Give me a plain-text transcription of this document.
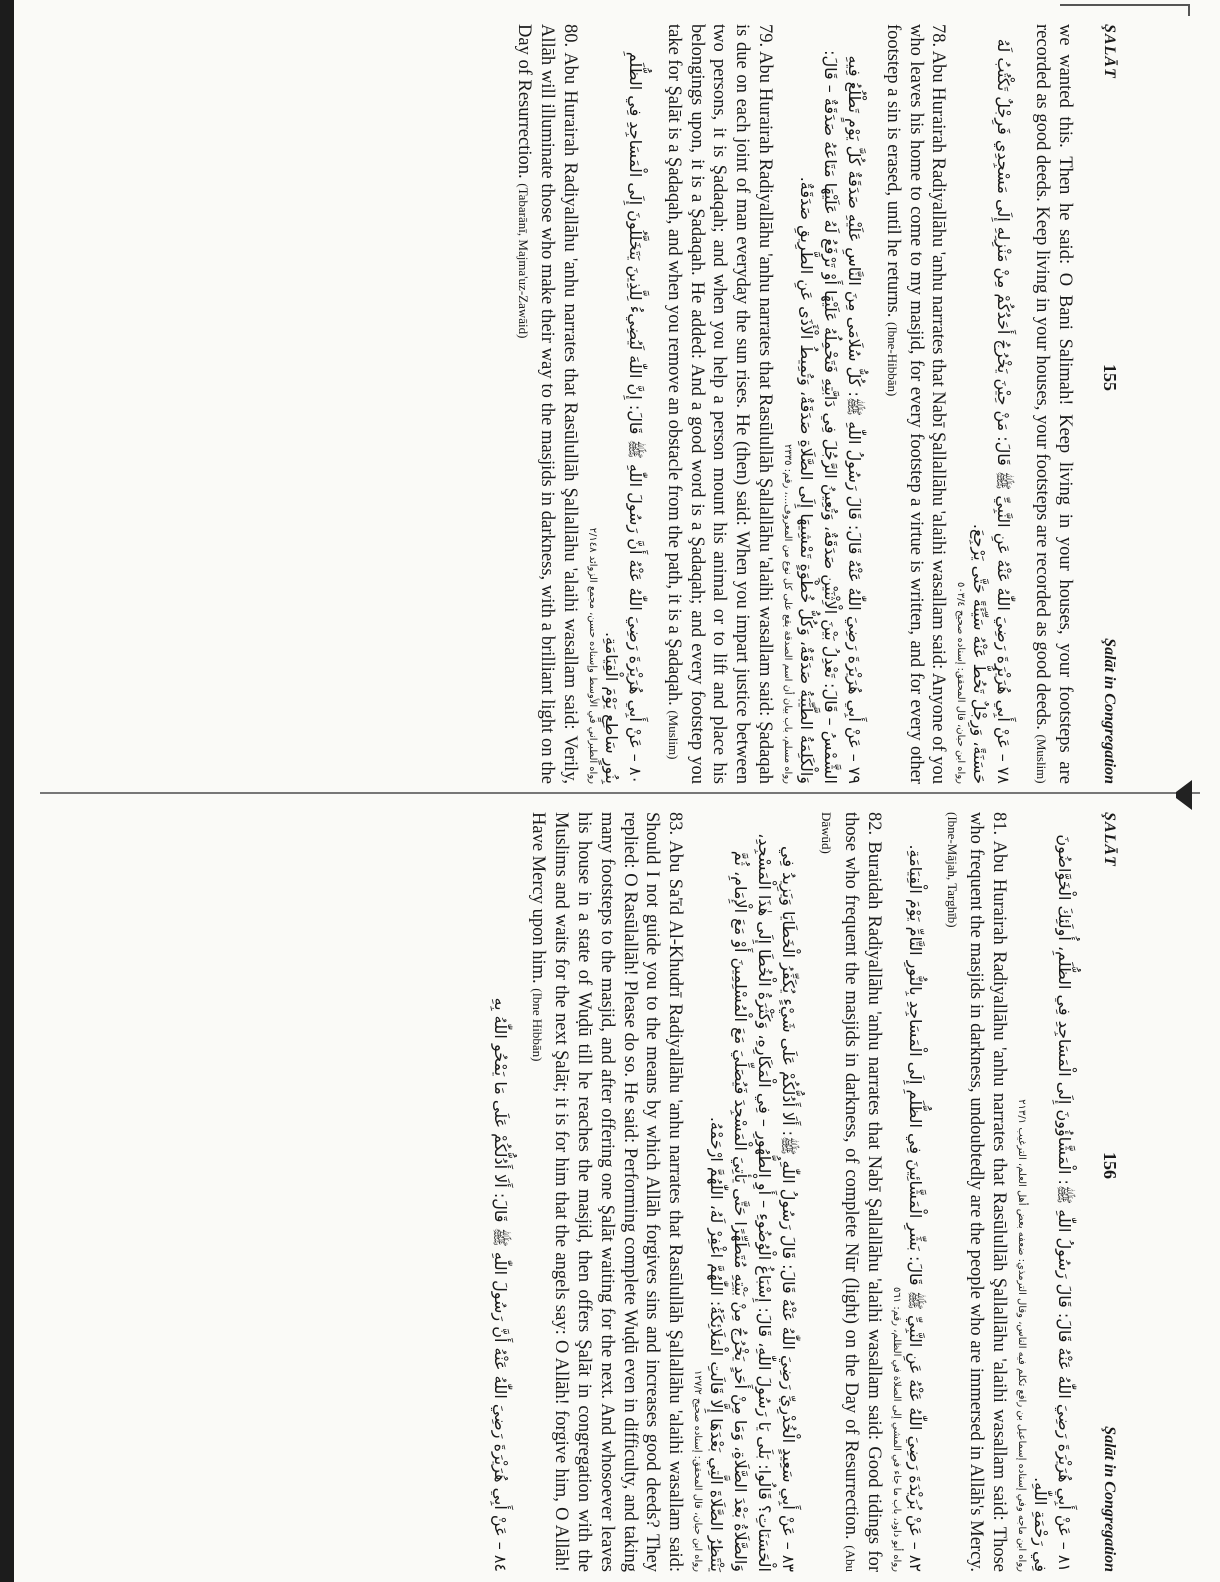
ŞALĀT
155
Şalāt in Congregation

we wanted this. Then he said: O Bani Salimah! Keep living in your houses, your footsteps are recorded as good deeds. Keep living in your houses, your footsteps are recorded as good deeds. (Muslim)

٧٨ – عَنْ أَبِي هُرَيْرَةَ رَضِيَ اللّٰهُ عَنْهُ عَنِ النَّبِيِّ ﷺ قَالَ: مَنْ حِيْنَ يَخْرُجُ أَحَدُكُمْ مِنْ مَنْزِلِهِ إِلَى مَسْجِدِي فَرِجْلٌ تَكْتُبُ لَهُ حَسَنَةً، وَرِجْلٌ تَحُطُّ عَنْهُ سَيِّئَةً حَتَّى يَرْجِعَ.

رواه ابن حبان، قال المحقق: إسناده صحيح ٥٠٣/٤

78. Abu Hurairah Radiyallāhu 'anhu narrates that Nabī Şallallāhu 'alaihi wasallam said: Anyone of you who leaves his home to come to my masjid, for every footstep a virtue is written, and for every other footstep a sin is erased, until he returns. (Ibne-Hibbān)

٧٩ – عَنْ أَبِي هُرَيْرَةَ رَضِيَ اللّٰهُ عَنْهُ قَالَ: قَالَ رَسُولُ اللّٰهِ ﷺ: كُلُّ سُلَامَى مِنَ النَّاسِ عَلَيْهِ صَدَقَةٌ كُلَّ يَوْمٍ تَطْلُعُ فِيهِ الشَّمْسُ – قَالَ: تَعْدِلُ بَيْنَ الْاِثْنَيْنِ صَدَقَةٌ، وَتُعِينُ الرَّجُلَ فِي دَابَّتِهِ فَتَحْمِلُهُ عَلَيْهَا أَوْ تَرْفَعُ لَهُ عَلَيْهَا مَتَاعَهُ صَدَقَةٌ – قَالَ: وَالْكَلِمَةُ الطَّيِّبَةُ صَدَقَةٌ، وَكُلُّ خُطْوَةٍ تَمْشِيهَا إِلَى الصَّلَاةِ صَدَقَةٌ، وَتُمِيطُ الْأَذَى عَنِ الطَّرِيقِ صَدَقَةٌ.

رواه مسلم، باب بيان أن اسم الصدقة يقع على كل نوع من المعروف...، رقم: ٢٣٣٥

79. Abu Hurairah Radiyallāhu 'anhu narrates that Rasūlullāh Şallallāhu 'alaihi wasallam said: Şadaqah is due on each joint of man everyday the sun rises. He (then) said: When you impart justice between two persons, it is Şadaqah; and when you help a person mount his animal or to lift and place his belongings upon, it is a Şadaqah. He added: And a good word is a Şadaqah; and every footstep you take for Şalāt is a Şadaqah, and when you remove an obstacle from the path, it is a Şadaqah. (Muslim)

٨٠ – عَنْ أَبِي هُرَيْرَةَ رَضِيَ اللّٰهُ عَنْهُ أَنَّ رَسُولَ اللّٰهِ ﷺ قَالَ: إِنَّ اللّٰهَ لَيُضِيءُ لِلَّذِينَ يَتَخَلَّلُونَ إِلَى الْمَسَاجِدِ فِي الظُّلَمِ بِنُورٍ سَاطِعٍ يَوْمَ الْقِيَامَةِ.

رواه الطبراني في الأوسط وإسناده حسن، مجمع الزوائد ٢/١٤٨

80. Abu Hurairah Radiyallāhu 'anhu narrates that Rasūlullāh Şallallāhu 'alaihi wasallam said: Verily, Allāh will illuminate those who make their way to the masjids in darkness, with a brilliant light on the Day of Resurrection. (Tabarānī, Majma'uz-Zawāid)

ŞALĀT
156
Şalāt in Congregation

٨١ – عَنْ أَبِي هُرَيْرَةَ رَضِيَ اللّٰهُ عَنْهُ قَالَ: قَالَ رَسُولُ اللّٰهِ ﷺ: الْمَشَّاؤُونَ إِلَى الْمَسَاجِدِ فِي الظُّلَمِ، أُولَئِكَ الْخَوَّاضُونَ فِي رَحْمَةِ اللّٰهِ.

رواه ابن ماجه وفي إسناده إسماعيل بن رافع تكلم فيه الناس، وقال الترمذي: ضعفه بعض أهل العلم، الترغيب ٢١٣/١

81. Abu Hurairah Radiyallāhu 'anhu narrates that Rasūlullāh Şallallāhu 'alaihi wasallam said: Those who frequent the masjids in darkness, undoubtedly are the people who are immersed in Allāh's Mercy. (Ibne-Mājah, Targhīb)

٨٢ – عَنْ بُرَيْدَةَ رَضِيَ اللّٰهُ عَنْهُ عَنِ النَّبِيِّ ﷺ قَالَ: بَشِّرِ الْمَشَّائِينَ فِي الظُّلَمِ إِلَى الْمَسَاجِدِ بِالنُّورِ التَّامِّ يَوْمَ الْقِيَامَةِ.

رواه أبو داود، باب ما جاء في المشي إلى الصلاة في الظلم، رقم: ٥٦١

82. Buraidah Radiyallāhu 'anhu narrates that Nabī Şallallāhu 'alaihi wasallam said: Good tidings for those who frequent the masjids in darkness, of complete Nūr (light) on the Day of Resurrection. (Abu Dāwūd)

٨٣ – عَنْ أَبِي سَعِيدٍ الْخُدْرِيِّ رَضِيَ اللّٰهُ عَنْهُ قَالَ: قَالَ رَسُولُ اللّٰهِ ﷺ: أَلَا أَدُلُّكُمْ عَلَى شَيْءٍ يُكَفِّرُ الْخَطَايَا وَيَزِيدُ فِي الْحَسَنَاتِ؟ قَالُوا: بَلَى يَا رَسُولَ اللّٰهِ، قَالَ: إِسْبَاغُ الْوُضُوءِ – أَوِ الطُّهُورِ – فِي الْمَكَارِهِ، وَكَثْرَةُ الْخُطَا إِلَى هٰذَا الْمَسْجِدِ، وَالصَّلَاةُ بَعْدَ الصَّلَاةِ، وَمَا مِنْ أَحَدٍ يَخْرُجُ مِنْ بَيْتِهِ مُتَطَهِّرًا حَتَّى يَأْتِيَ الْمَسْجِدَ فَيُصَلِّيَ مَعَ الْمُسْلِمِينَ أَوْ مَعَ الْإِمَامِ، ثُمَّ يَنْتَظِرُ الصَّلَاةَ الَّتِي بَعْدَهَا إِلَّا قَالَتِ الْمَلَائِكَةُ: اللّٰهُمَّ اغْفِرْ لَهُ، اللّٰهُمَّ ارْحَمْهُ.

رواه ابن حبان، قال المحقق: إسناده صحيح ١٢٧/٢

83. Abu Sa'īd Al-Khudrī Radiyallāhu 'anhu narrates that Rasūlullāh Şallallāhu 'alaihi wasallam said: Should I not guide you to the means by which Allāh forgives sins and increases good deeds? They replied: O Rasūlallāh! Please do so. He said: Performing complete Wuḍū even in difficulty, and taking many footsteps to the masjid, and after offering one Şalāt waiting for the next. And whosoever leaves his house in a state of Wuḍū till he reaches the masjid, then offers Şalāt in congregation with the Muslims and waits for the next Şalāt; it is for him that the angels say: O Allāh! forgive him, O Allāh! Have Mercy upon him. (Ibne Hibbān)

٨٤ – عَنْ أَبِي هُرَيْرَةَ رَضِيَ اللّٰهُ عَنْهُ أَنَّ رَسُولَ اللّٰهِ ﷺ قَالَ: أَلَا أَدُلُّكُمْ عَلَى مَا يَمْحُو اللّٰهُ بِهِ
